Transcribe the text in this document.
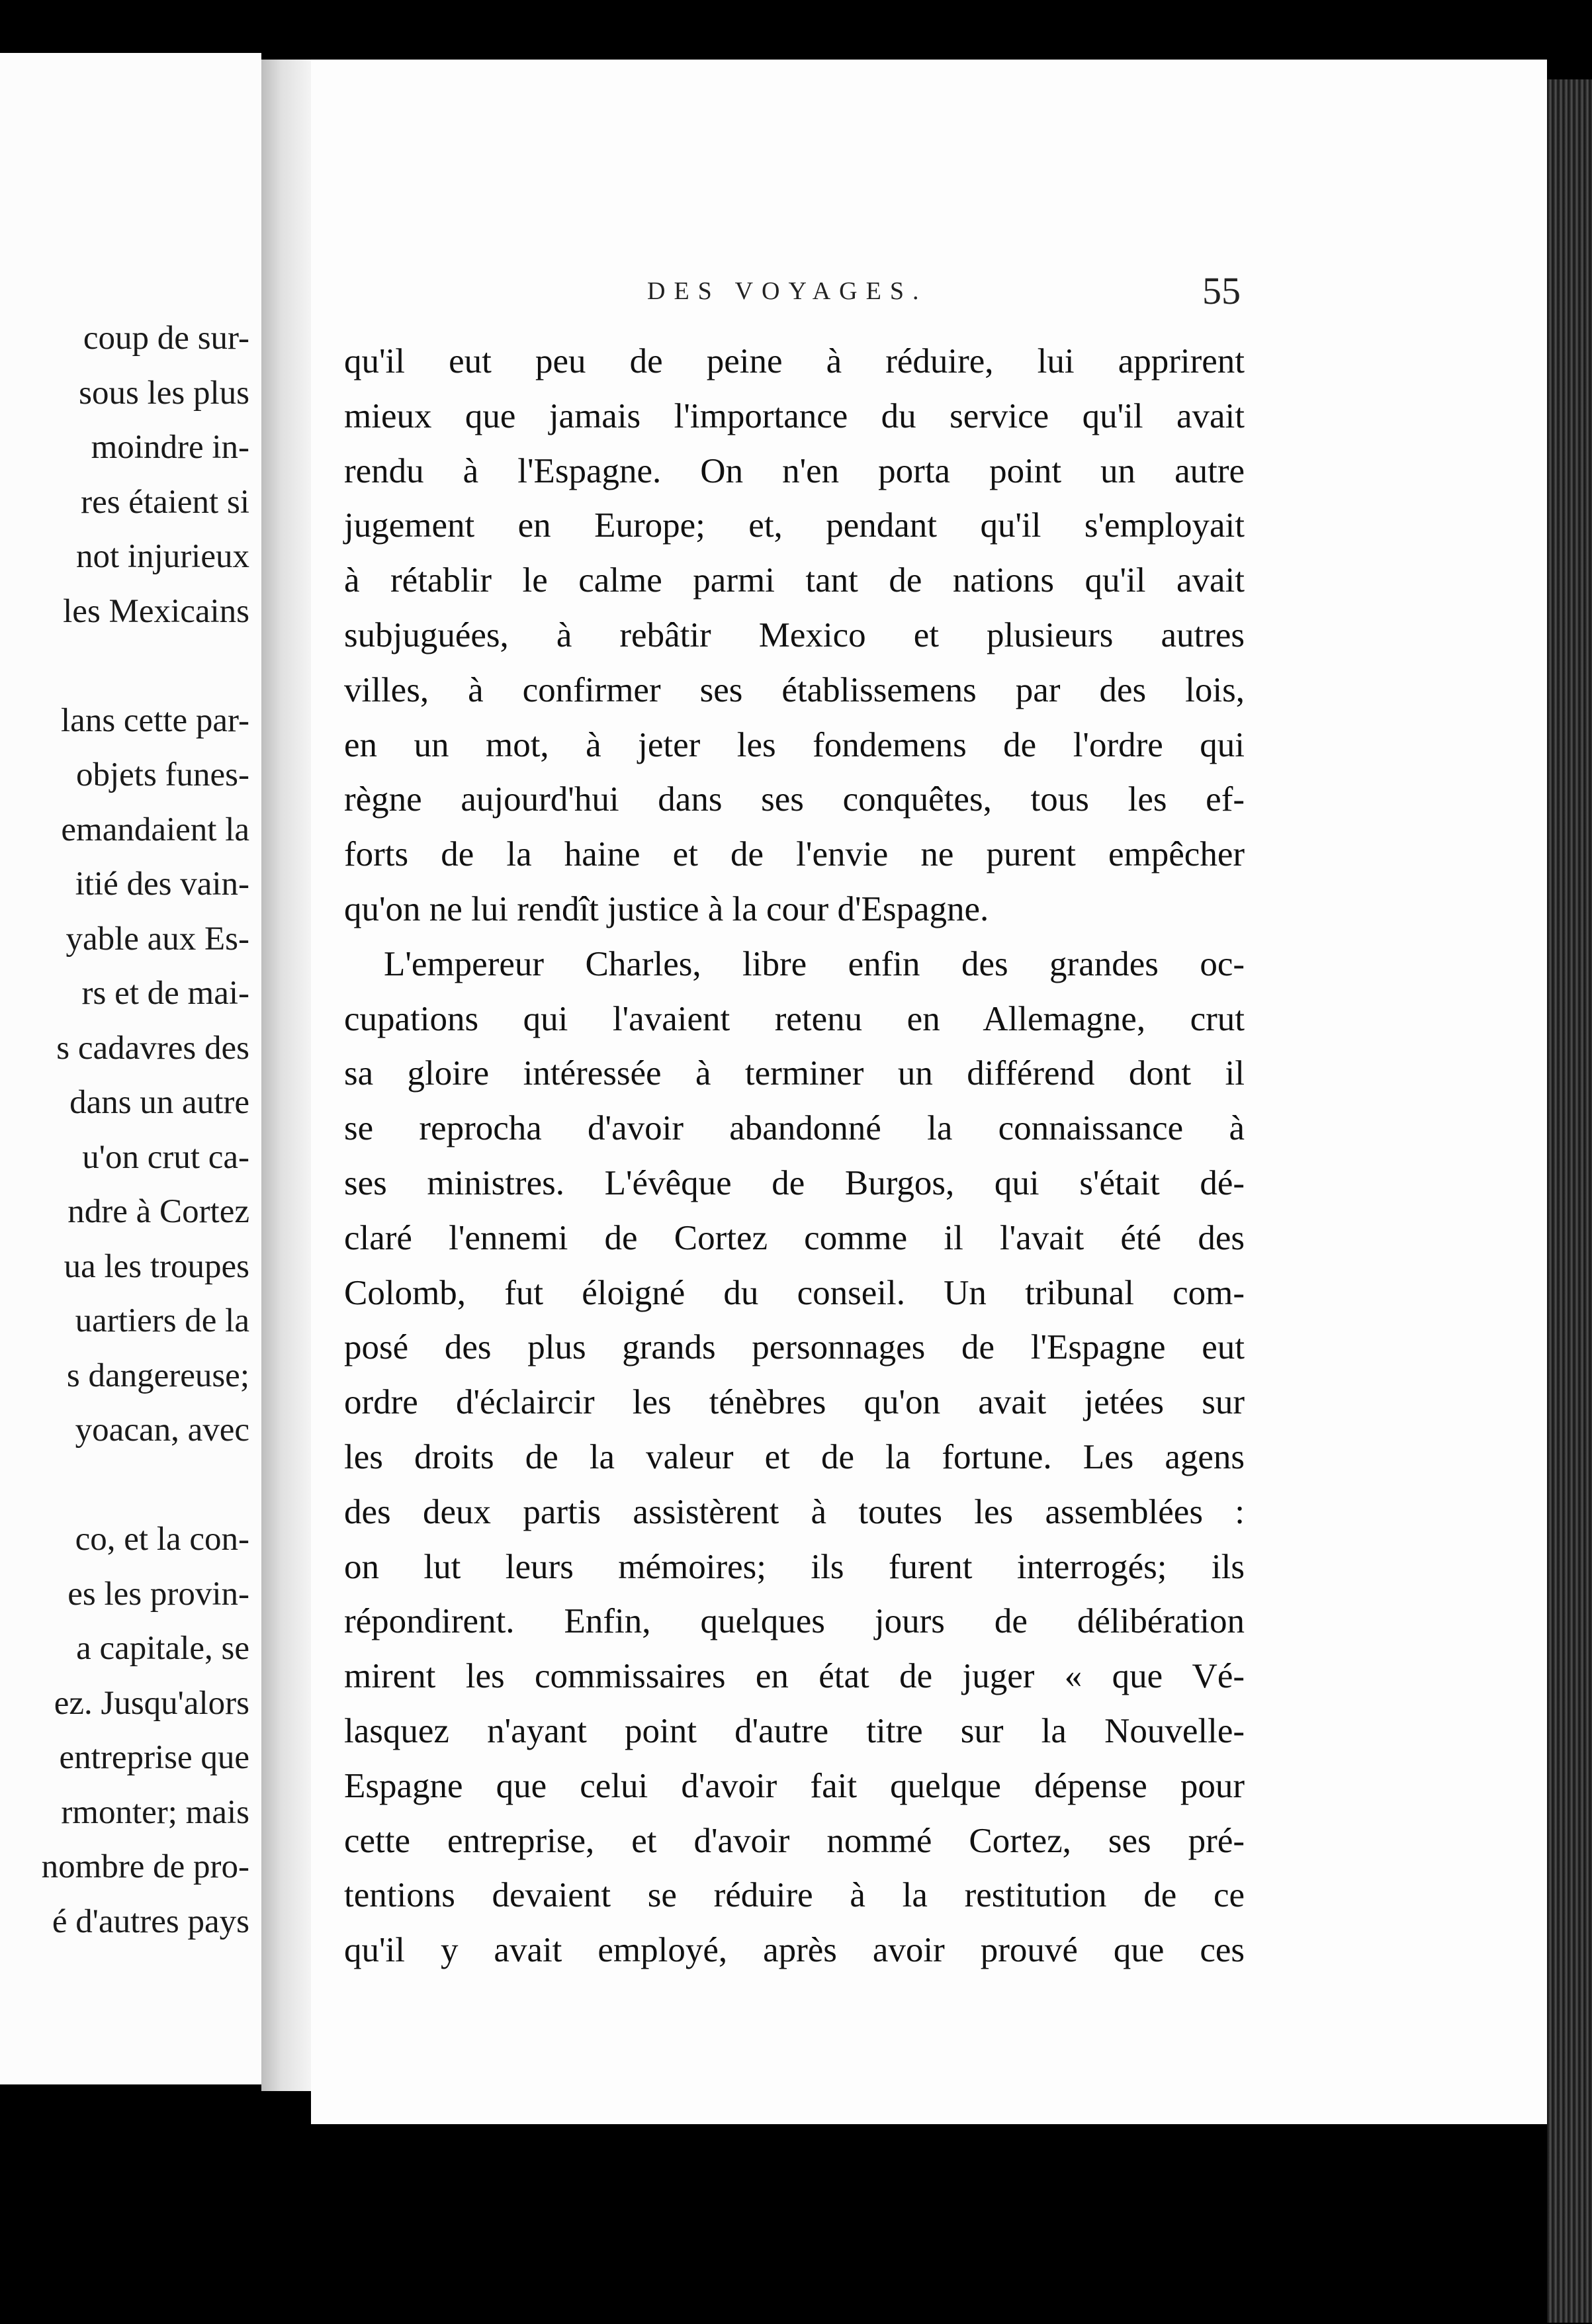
coup de sur-
sous les plus
moindre in-
res étaient si
not injurieux
les Mexicains
lans cette par-
objets funes-
emandaient la
itié des vain-
yable aux Es-
rs et de mai-
s cadavres des
dans un autre
u'on crut ca-
ndre à Cortez
ua les troupes
uartiers de la
s dangereuse;
yoacan, avec
co, et la con-
es les provin-
a capitale, se
ez. Jusqu'alors
entreprise que
rmonter; mais
nombre de pro-
é d'autres pays
DES VOYAGES.	55
qu'il eut peu de peine à réduire, lui apprirent
mieux que jamais l'importance du service qu'il avait
rendu à l'Espagne. On n'en porta point un autre
jugement en Europe; et, pendant qu'il s'employait
à rétablir le calme parmi tant de nations qu'il avait
subjuguées, à rebâtir Mexico et plusieurs autres
villes, à confirmer ses établissemens par des lois,
en un mot, à jeter les fondemens de l'ordre qui
règne aujourd'hui dans ses conquêtes, tous les ef-
forts de la haine et de l'envie ne purent empêcher
qu'on ne lui rendît justice à la cour d'Espagne.
L'empereur Charles, libre enfin des grandes oc-
cupations qui l'avaient retenu en Allemagne, crut
sa gloire intéressée à terminer un différend dont il
se reprocha d'avoir abandonné la connaissance à
ses ministres. L'évêque de Burgos, qui s'était dé-
claré l'ennemi de Cortez comme il l'avait été des
Colomb, fut éloigné du conseil. Un tribunal com-
posé des plus grands personnages de l'Espagne eut
ordre d'éclaircir les ténèbres qu'on avait jetées sur
les droits de la valeur et de la fortune. Les agens
des deux partis assistèrent à toutes les assemblées :
on lut leurs mémoires; ils furent interrogés; ils
répondirent. Enfin, quelques jours de délibération
mirent les commissaires en état de juger « que Vé-
lasquez n'ayant point d'autre titre sur la Nouvelle-
Espagne que celui d'avoir fait quelque dépense pour
cette entreprise, et d'avoir nommé Cortez, ses pré-
tentions devaient se réduire à la restitution de ce
qu'il y avait employé, après avoir prouvé que ces
